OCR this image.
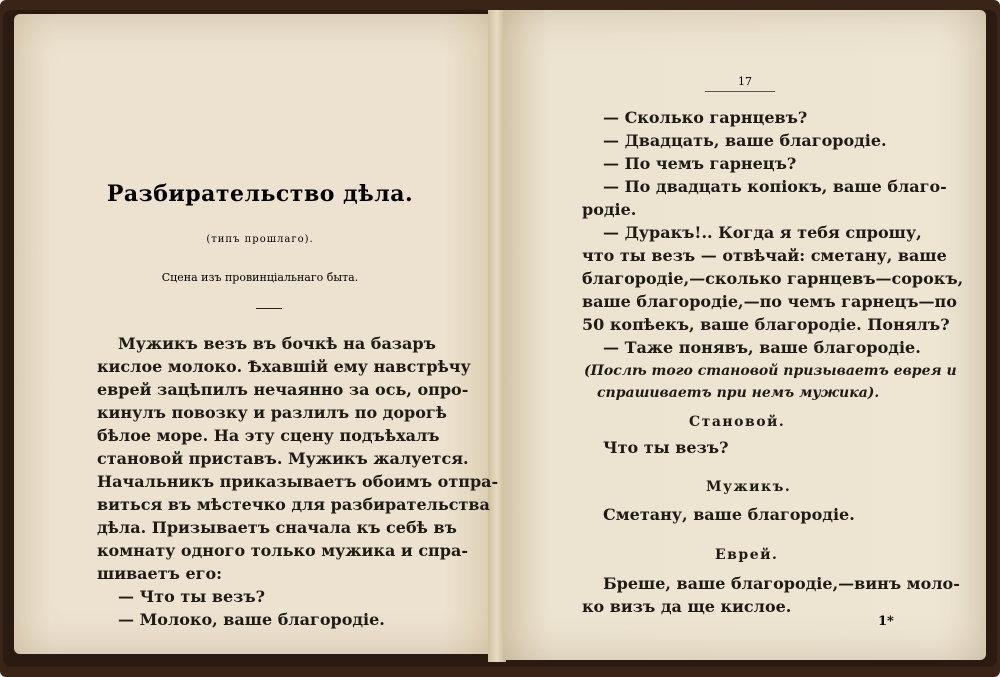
Разбирательство дѣла.
(типъ прошлаго).
Сцена изъ провинціальнаго быта.
Мужикъ везъ въ бочкѣ на базаръ
кислое молоко. Ѣхавшій ему навстрѣчу
еврей зацѣпилъ нечаянно за ось, опро-
кинулъ повозку и разлилъ по дорогѣ
бѣлое море. На эту сцену подъѣхалъ
становой приставъ. Мужикъ жалуется.
Начальникъ приказываетъ обоимъ отпра-
виться въ мѣстечко для разбирательства
дѣла. Призываетъ сначала къ себѣ въ
комнату одного только мужика и спра-
шиваетъ его:
— Что ты везъ?
— Молоко, ваше благородіе.
17
— Сколько гарнцевъ?
— Двадцать, ваше благородіе.
— По чемъ гарнецъ?
— По двадцать копіокъ, ваше благо-
родіе.
— Дуракъ!.. Когда я тебя спрошу,
что ты везъ — отвѣчай: сметану, ваше
благородіе,—сколько гарнцевъ—сорокъ,
ваше благородіе,—по чемъ гарнецъ—по
50 копѣекъ, ваше благородіе. Понялъ?
— Таже понявъ, ваше благородіе.
(Послѣ того становой призываетъ еврея и
спрашиваетъ при немъ мужика).
Становой.
Что ты везъ?
Мужикъ.
Сметану, ваше благородіе.
Еврей.
Бреше, ваше благородіе,—винъ моло-
ко визъ да ще кислое.
1*
